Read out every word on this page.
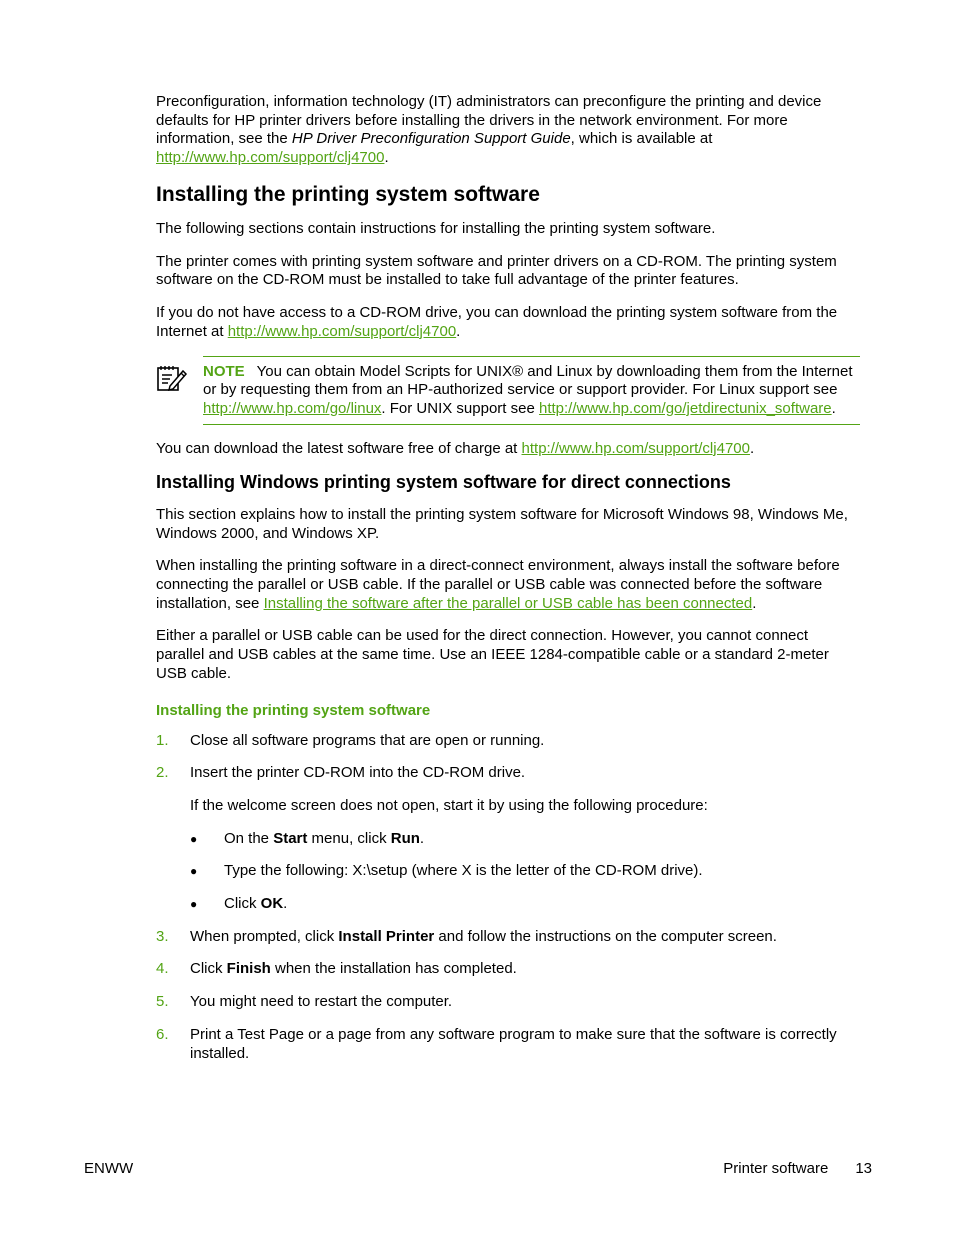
Preconfiguration, information technology (IT) administrators can preconfigure the printing and device defaults for HP printer drivers before installing the drivers in the network environment. For more information, see the HP Driver Preconfiguration Support Guide, which is available at http://www.hp.com/support/clj4700.

Installing the printing system software

The following sections contain instructions for installing the printing system software.

The printer comes with printing system software and printer drivers on a CD-ROM. The printing system software on the CD-ROM must be installed to take full advantage of the printer features.

If you do not have access to a CD-ROM drive, you can download the printing system software from the Internet at http://www.hp.com/support/clj4700.

NOTE You can obtain Model Scripts for UNIX® and Linux by downloading them from the Internet or by requesting them from an HP-authorized service or support provider. For Linux support see http://www.hp.com/go/linux. For UNIX support see http://www.hp.com/go/jetdirectunix_software.

You can download the latest software free of charge at http://www.hp.com/support/clj4700.

Installing Windows printing system software for direct connections

This section explains how to install the printing system software for Microsoft Windows 98, Windows Me, Windows 2000, and Windows XP.

When installing the printing software in a direct-connect environment, always install the software before connecting the parallel or USB cable. If the parallel or USB cable was connected before the software installation, see Installing the software after the parallel or USB cable has been connected.

Either a parallel or USB cable can be used for the direct connection. However, you cannot connect parallel and USB cables at the same time. Use an IEEE 1284-compatible cable or a standard 2-meter USB cable.

Installing the printing system software
1. Close all software programs that are open or running.

2. Insert the printer CD-ROM into the CD-ROM drive.

If the welcome screen does not open, start it by using the following procedure:

● On the Start menu, click Run.
● Type the following: X:\setup (where X is the letter of the CD-ROM drive).
● Click OK.
3. When prompted, click Install Printer and follow the instructions on the computer screen.

4. Click Finish when the installation has completed.

5. You might need to restart the computer.

6. Print a Test Page or a page from any software program to make sure that the software is correctly installed.

ENWW	Printer software 13
